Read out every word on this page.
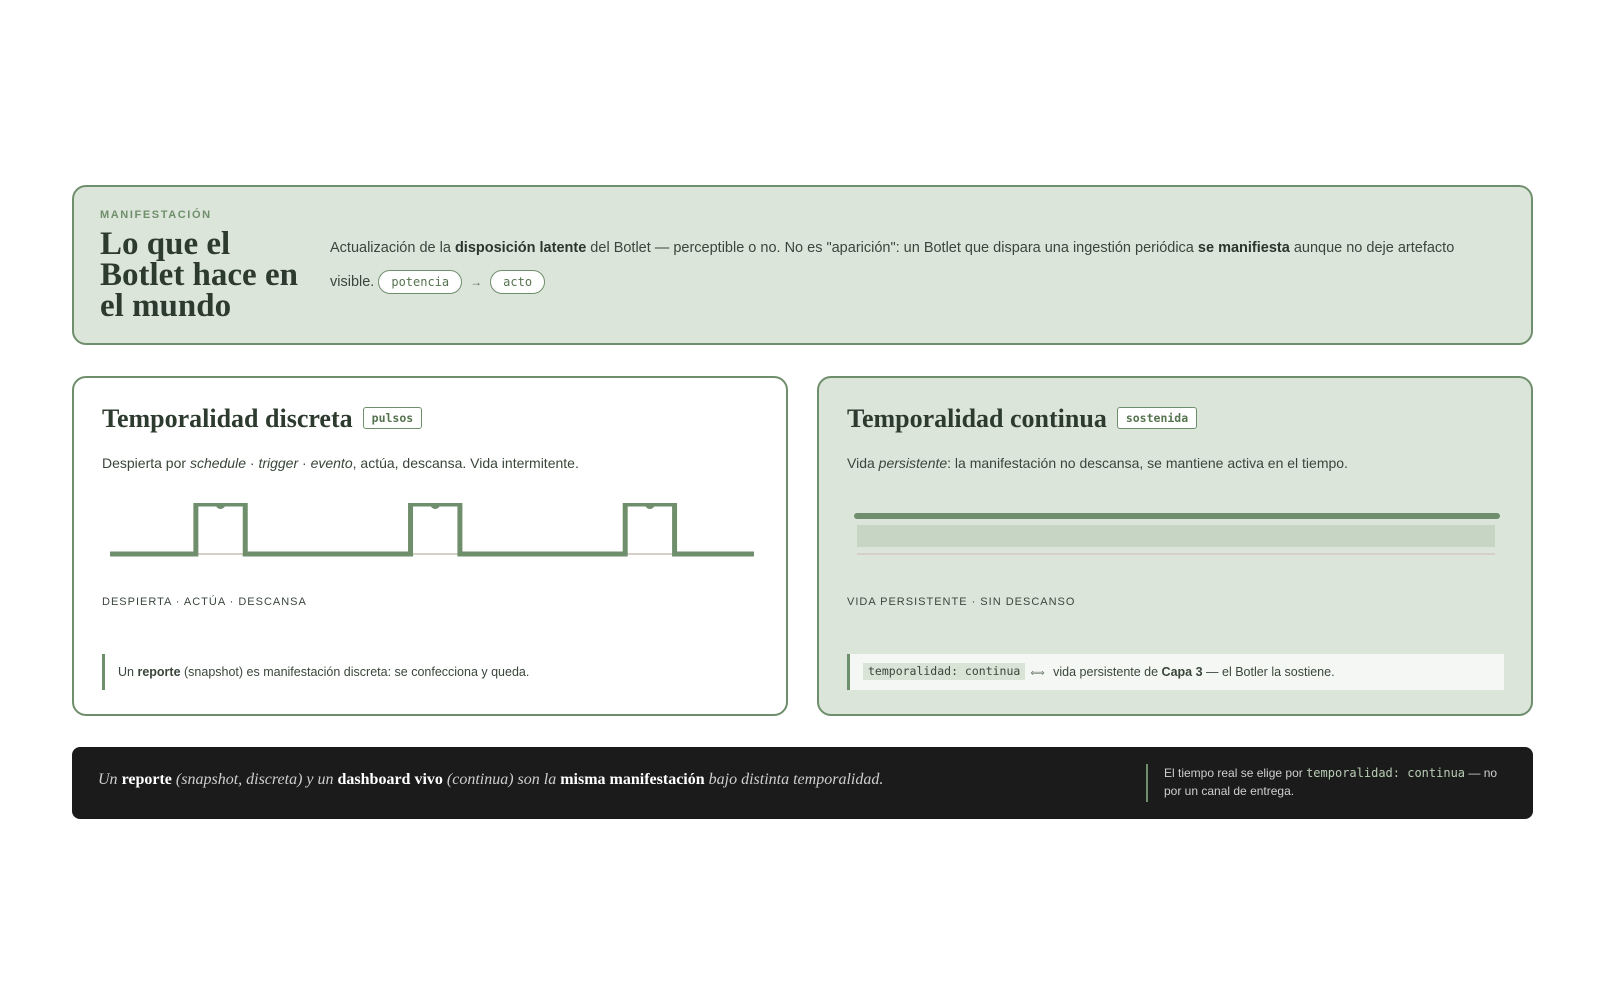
MANIFESTACIÓN
Lo que el Botlet hace en el mundo

Actualización de la disposición latente del Botlet — perceptible o no. No es "aparición": un Botlet que dispara una ingestión periódica se manifiesta aunque no deje artefacto visible. potencia → acto

Temporalidad discreta pulsos

Despierta por schedule · trigger · evento, actúa, descansa. Vida intermitente.

DESPIERTA · ACTÚA · DESCANSA
Un reporte (snapshot) es manifestación discreta: se confecciona y queda.
Temporalidad continua sostenida

Vida persistente: la manifestación no descansa, se mantiene activa en el tiempo.

VIDA PERSISTENTE · SIN DESCANSO
temporalidad: continua ⟺ vida persistente de Capa 3 — el Botler la sostiene.

Un reporte (snapshot, discreta) y un dashboard vivo (continua) son la misma manifestación bajo distinta temporalidad.	El tiempo real se elige por temporalidad: continua — no por un canal de entrega.
